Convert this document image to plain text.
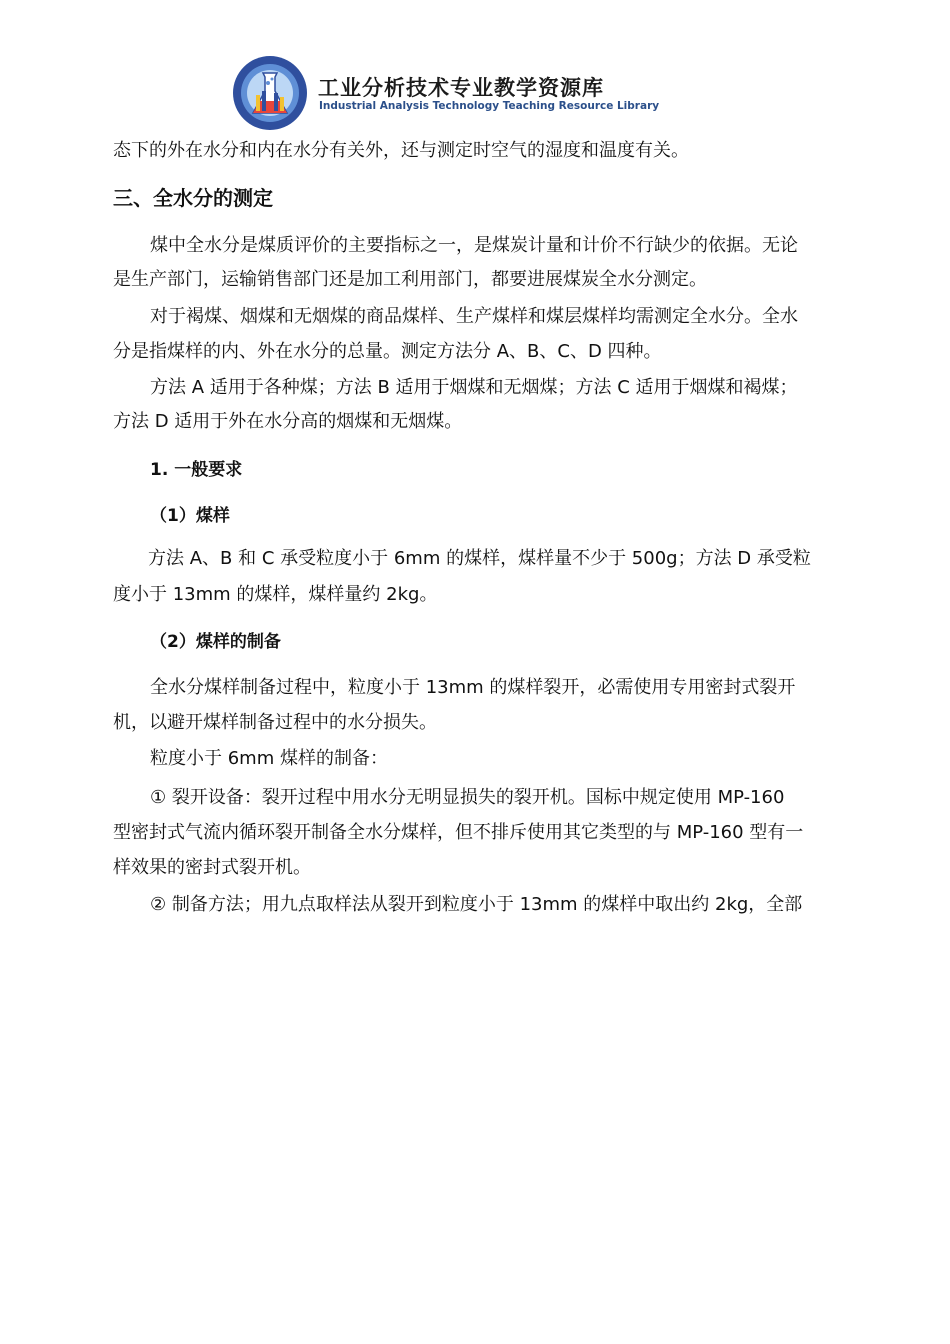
工业分析技术专业教学资源库
Industrial Analysis Technology Teaching Resource Library
态下的外在水分和内在水分有关外，还与测定时空气的湿度和温度有关。
三、全水分的测定
煤中全水分是煤质评价的主要指标之一，是煤炭计量和计价不行缺少的依据。无论
是生产部门，运输销售部门还是加工利用部门，都要进展煤炭全水分测定。
对于褐煤、烟煤和无烟煤的商品煤样、生产煤样和煤层煤样均需测定全水分。全水
分是指煤样的内、外在水分的总量。测定方法分 A、B、C、D 四种。
方法 A 适用于各种煤；方法 B 适用于烟煤和无烟煤；方法 C 适用于烟煤和褐煤；
方法 D 适用于外在水分高的烟煤和无烟煤。
1. 一般要求
（1）煤样
方法 A、B 和 C 承受粒度小于 6mm 的煤样，煤样量不少于 500g；方法 D 承受粒
度小于 13mm 的煤样，煤样量约 2kg。
（2）煤样的制备
全水分煤样制备过程中，粒度小于 13mm 的煤样裂开，必需使用专用密封式裂开
机，以避开煤样制备过程中的水分损失。
粒度小于 6mm 煤样的制备：
① 裂开设备：裂开过程中用水分无明显损失的裂开机。国标中规定使用 MP-160
型密封式气流内循环裂开制备全水分煤样，但不排斥使用其它类型的与 MP-160 型有一
样效果的密封式裂开机。
② 制备方法；用九点取样法从裂开到粒度小于 13mm 的煤样中取出约 2kg，全部
